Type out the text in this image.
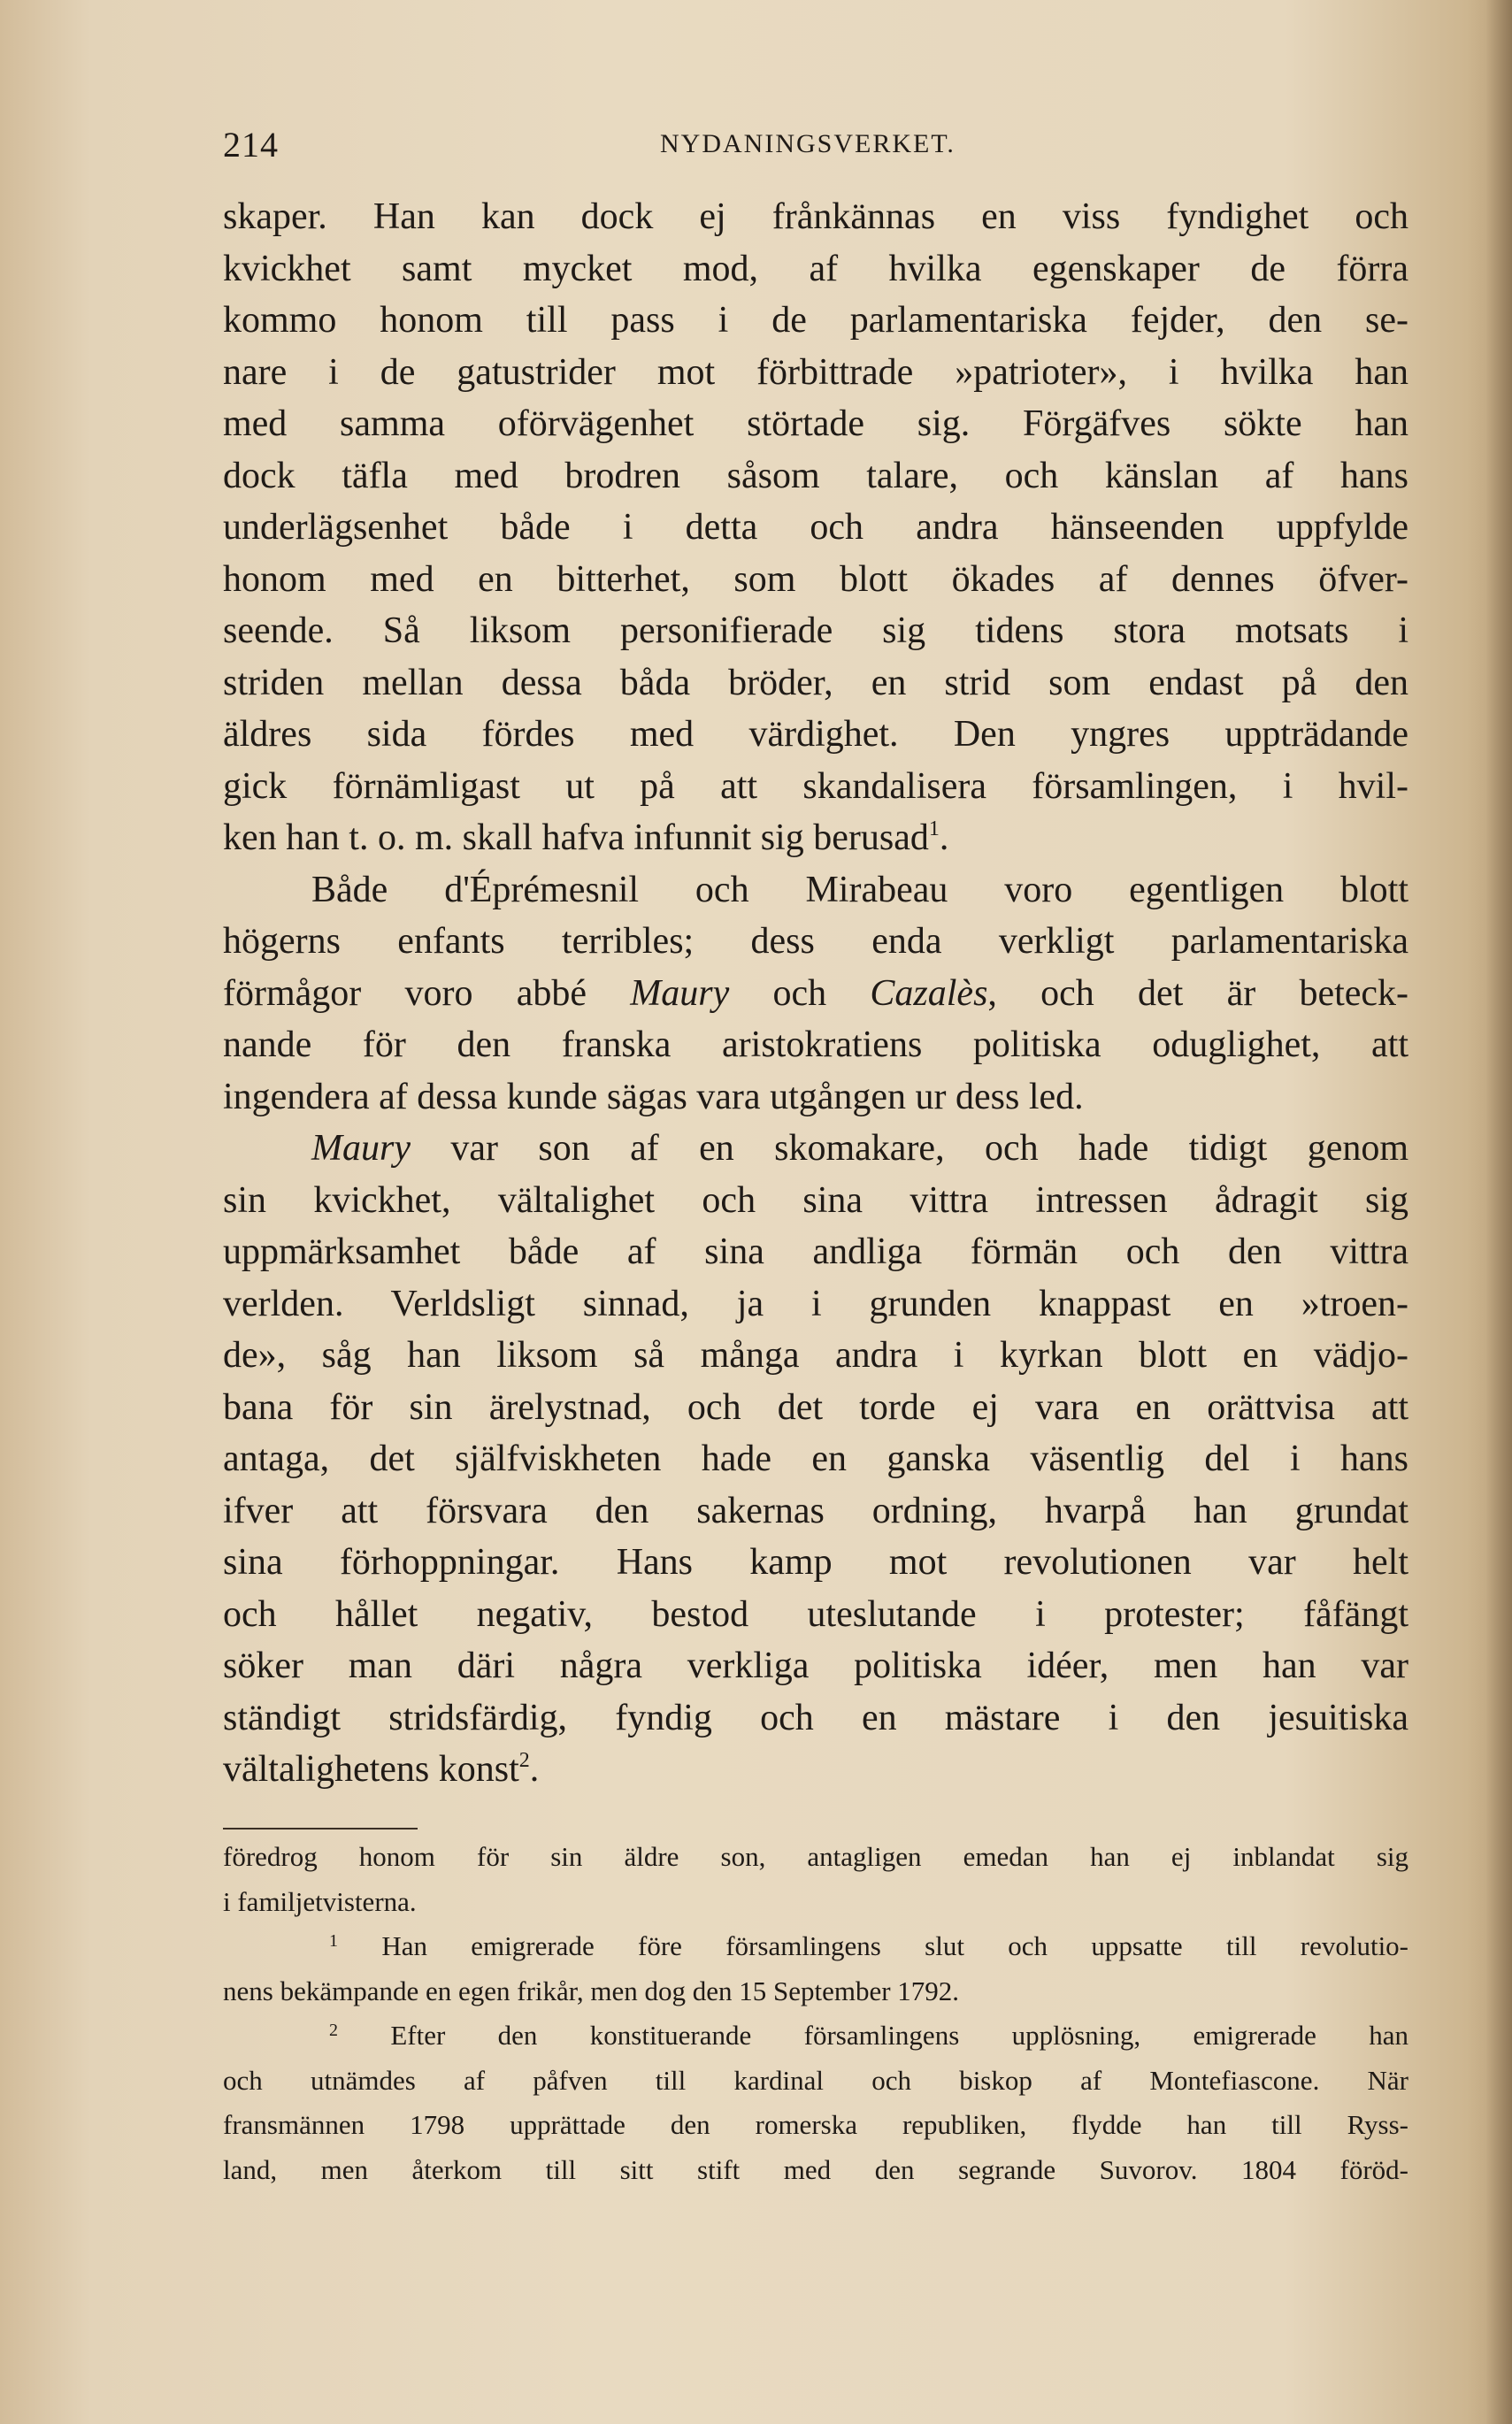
214	NYDANINGSVERKET.
skaper. Han kan dock ej frånkännas en viss fyndighet och
kvickhet samt mycket mod, af hvilka egenskaper de förra
kommo honom till pass i de parlamentariska fejder, den se-
nare i de gatustrider mot förbittrade »patrioter», i hvilka han
med samma oförvägenhet störtade sig. Förgäfves sökte han
dock täfla med brodren såsom talare, och känslan af hans
underlägsenhet både i detta och andra hänseenden uppfylde
honom med en bitterhet, som blott ökades af dennes öfver-
seende. Så liksom personifierade sig tidens stora motsats i
striden mellan dessa båda bröder, en strid som endast på den
äldres sida fördes med värdighet. Den yngres uppträdande
gick förnämligast ut på att skandalisera församlingen, i hvil-
ken han t. o. m. skall hafva infunnit sig berusad$^1$.
Både d'Éprémesnil och Mirabeau voro egentligen blott
högerns enfants terribles; dess enda verkligt parlamentariska
förmågor voro abbé Maury och Cazalès, och det är beteck-
nande för den franska aristokratiens politiska oduglighet, att
ingendera af dessa kunde sägas vara utgången ur dess led.
Maury var son af en skomakare, och hade tidigt genom
sin kvickhet, vältalighet och sina vittra intressen ådragit sig
uppmärksamhet både af sina andliga förmän och den vittra
verlden. Verldsligt sinnad, ja i grunden knappast en »troen-
de», såg han liksom så många andra i kyrkan blott en vädjo-
bana för sin ärelystnad, och det torde ej vara en orättvisa att
antaga, det själfviskheten hade en ganska väsentlig del i hans
ifver att försvara den sakernas ordning, hvarpå han grundat
sina förhoppningar. Hans kamp mot revolutionen var helt
och hållet negativ, bestod uteslutande i protester; fåfängt
söker man däri några verkliga politiska idéer, men han var
ständigt stridsfärdig, fyndig och en mästare i den jesuitiska
vältalighetens konst$^2$.
föredrog honom för sin äldre son, antagligen emedan han ej inblandat sig
i familjetvisterna.
$^1$ Han emigrerade före församlingens slut och uppsatte till revolutio-
nens bekämpande en egen frikår, men dog den 15 September 1792.
$^2$ Efter den konstituerande församlingens upplösning, emigrerade han
och utnämdes af påfven till kardinal och biskop af Montefiascone. När
fransmännen 1798 upprättade den romerska republiken, flydde han till Ryss-
land, men återkom till sitt stift med den segrande Suvorov. 1804 föröd-
